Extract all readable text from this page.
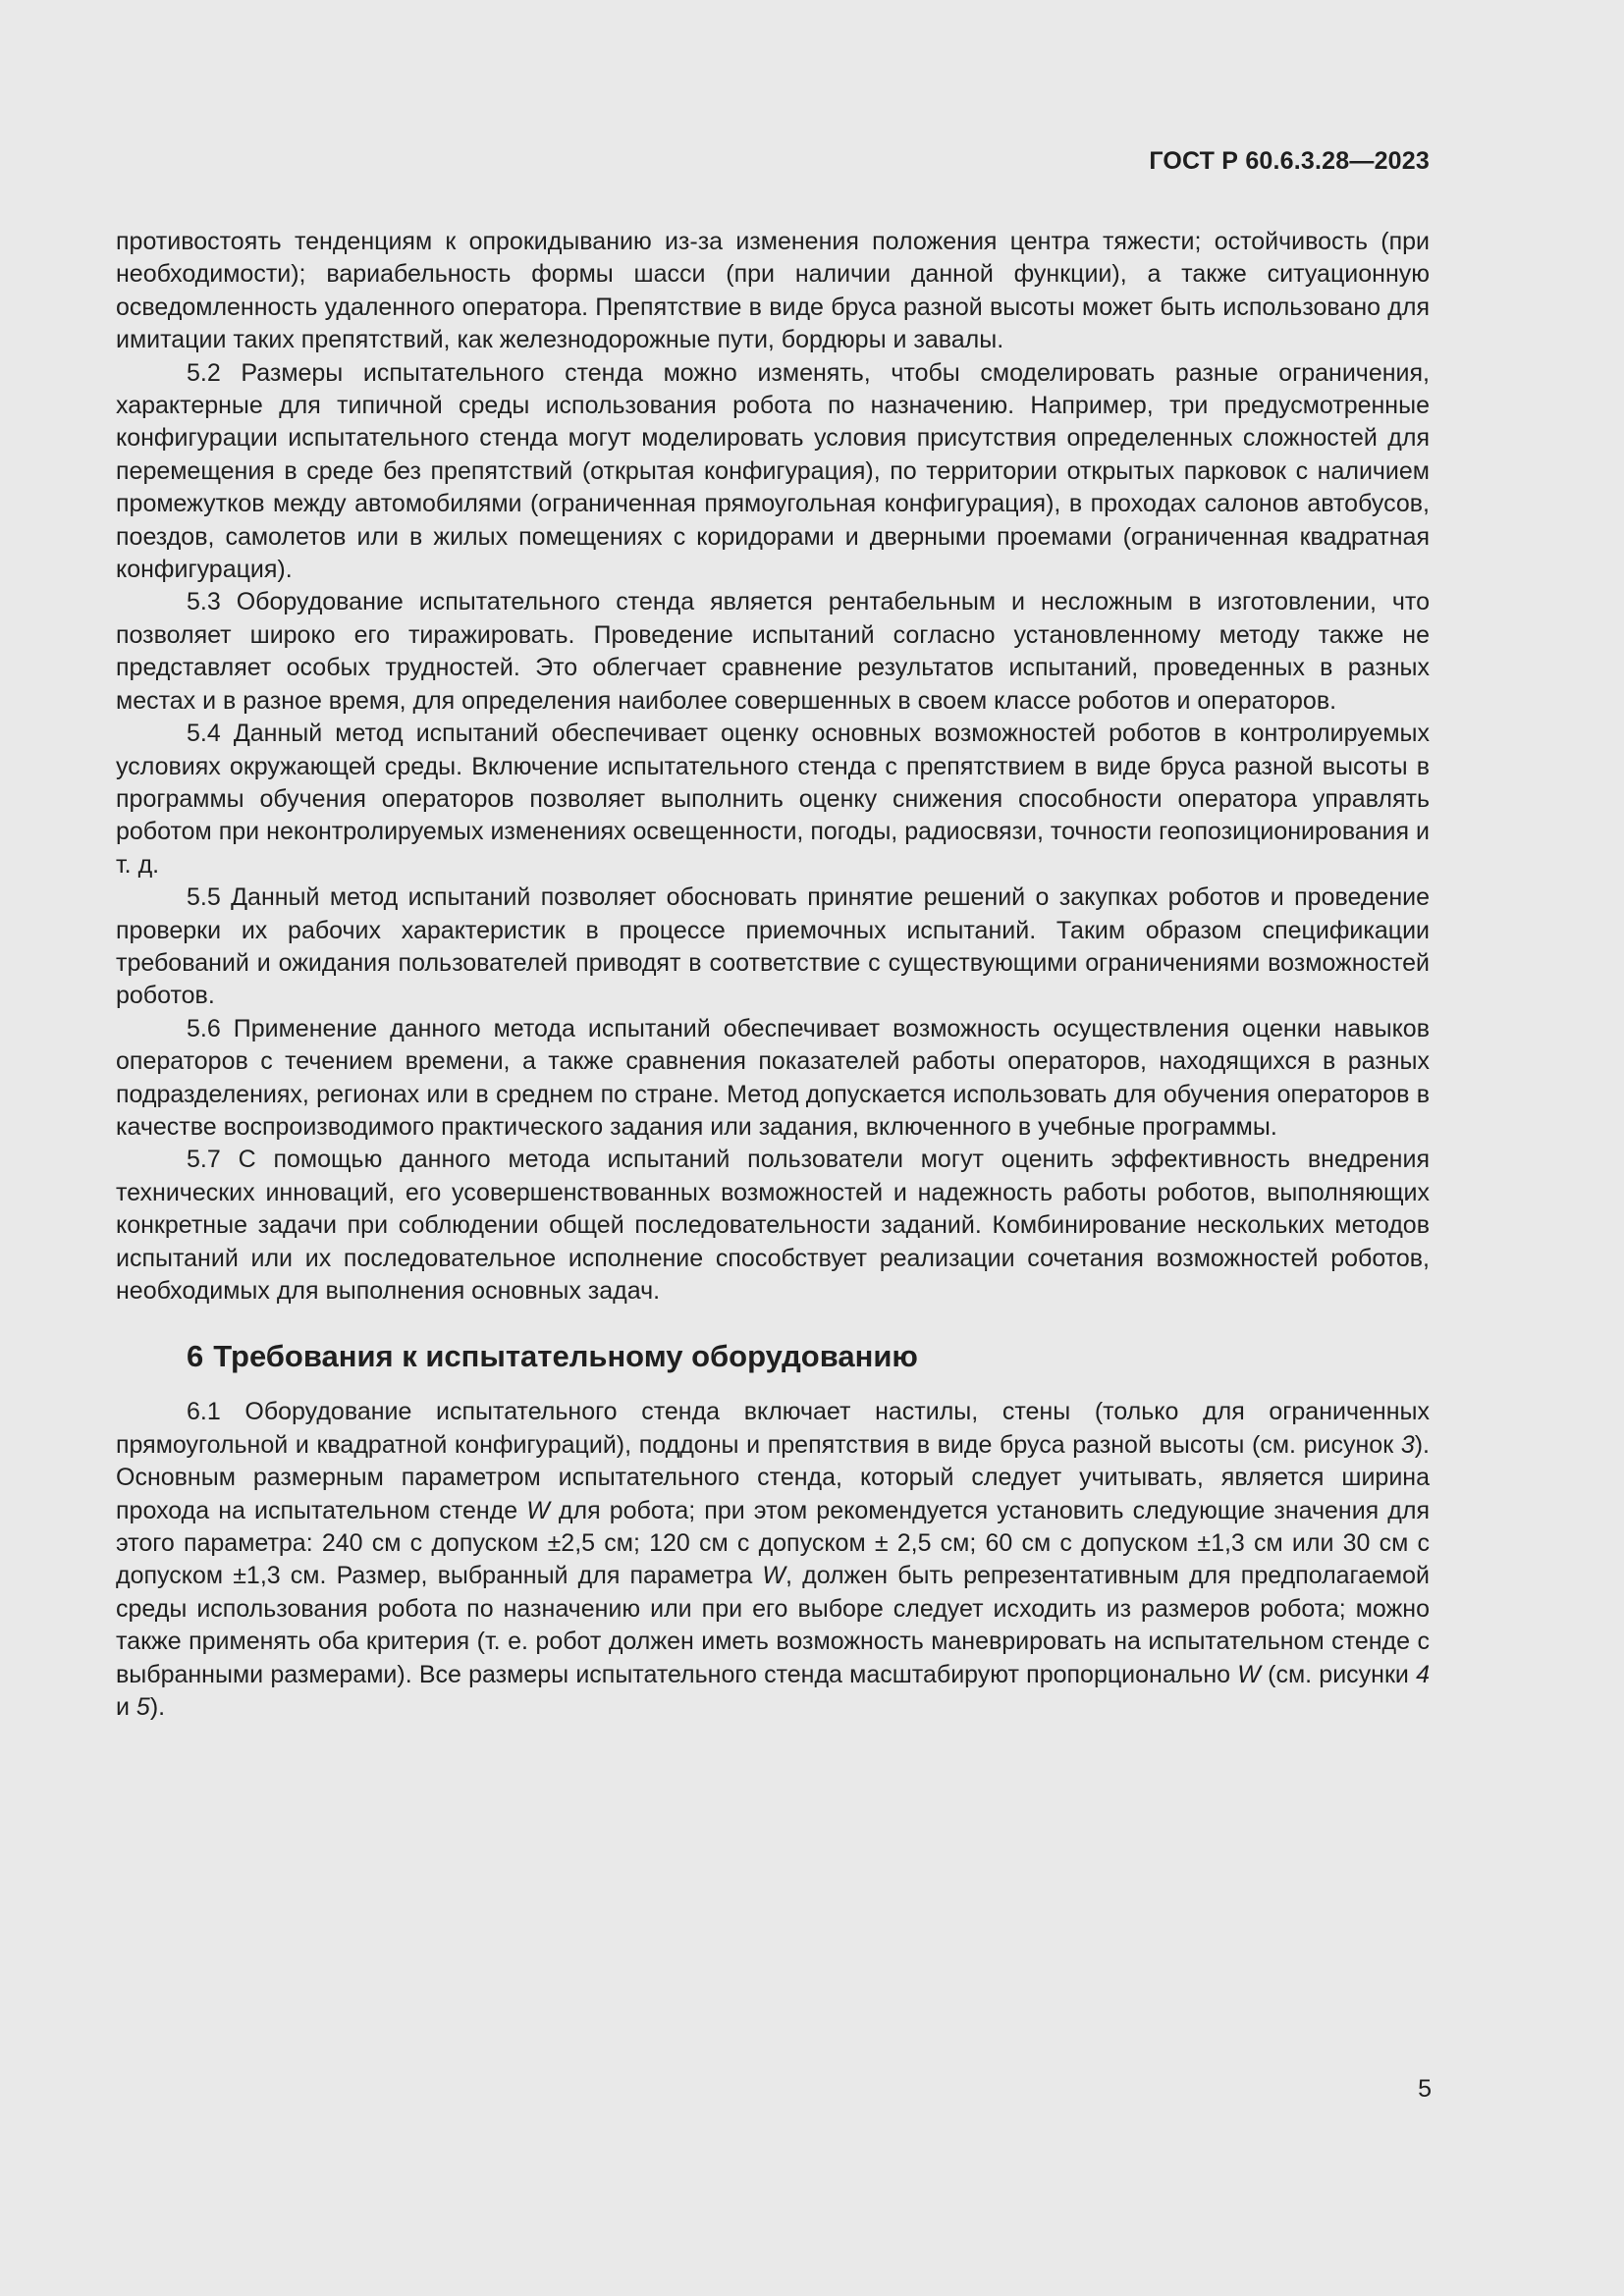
ГОСТ Р 60.6.3.28—2023

противостоять тенденциям к опрокидыванию из-за изменения положения центра тяжести; остойчивость (при необходимости); вариабельность формы шасси (при наличии данной функции), а также ситуационную осведомленность удаленного оператора. Препятствие в виде бруса разной высоты может быть использовано для имитации таких препятствий, как железнодорожные пути, бордюры и завалы.

5.2 Размеры испытательного стенда можно изменять, чтобы смоделировать разные ограничения, характерные для типичной среды использования робота по назначению. Например, три предусмотренные конфигурации испытательного стенда могут моделировать условия присутствия определенных сложностей для перемещения в среде без препятствий (открытая конфигурация), по территории открытых парковок с наличием промежутков между автомобилями (ограниченная прямоугольная конфигурация), в проходах салонов автобусов, поездов, самолетов или в жилых помещениях с коридорами и дверными проемами (ограниченная квадратная конфигурация).

5.3 Оборудование испытательного стенда является рентабельным и несложным в изготовлении, что позволяет широко его тиражировать. Проведение испытаний согласно установленному методу также не представляет особых трудностей. Это облегчает сравнение результатов испытаний, проведенных в разных местах и в разное время, для определения наиболее совершенных в своем классе роботов и операторов.

5.4 Данный метод испытаний обеспечивает оценку основных возможностей роботов в контролируемых условиях окружающей среды. Включение испытательного стенда с препятствием в виде бруса разной высоты в программы обучения операторов позволяет выполнить оценку снижения способности оператора управлять роботом при неконтролируемых изменениях освещенности, погоды, радиосвязи, точности геопозиционирования и т. д.

5.5 Данный метод испытаний позволяет обосновать принятие решений о закупках роботов и проведение проверки их рабочих характеристик в процессе приемочных испытаний. Таким образом спецификации требований и ожидания пользователей приводят в соответствие с существующими ограничениями возможностей роботов.

5.6 Применение данного метода испытаний обеспечивает возможность осуществления оценки навыков операторов с течением времени, а также сравнения показателей работы операторов, находящихся в разных подразделениях, регионах или в среднем по стране. Метод допускается использовать для обучения операторов в качестве воспроизводимого практического задания или задания, включенного в учебные программы.

5.7 С помощью данного метода испытаний пользователи могут оценить эффективность внедрения технических инноваций, его усовершенствованных возможностей и надежность работы роботов, выполняющих конкретные задачи при соблюдении общей последовательности заданий. Комбинирование нескольких методов испытаний или их последовательное исполнение способствует реализации сочетания возможностей роботов, необходимых для выполнения основных задач.

6 Требования к испытательному оборудованию

6.1 Оборудование испытательного стенда включает настилы, стены (только для ограниченных прямоугольной и квадратной конфигураций), поддоны и препятствия в виде бруса разной высоты (см. рисунок 3). Основным размерным параметром испытательного стенда, который следует учитывать, является ширина прохода на испытательном стенде W для робота; при этом рекомендуется установить следующие значения для этого параметра: 240 см с допуском ±2,5 см; 120 см с допуском ± 2,5 см; 60 см с допуском ±1,3 см или 30 см с допуском ±1,3 см. Размер, выбранный для параметра W, должен быть репрезентативным для предполагаемой среды использования робота по назначению или при его выборе следует исходить из размеров робота; можно также применять оба критерия (т. е. робот должен иметь возможность маневрировать на испытательном стенде с выбранными размерами). Все размеры испытательного стенда масштабируют пропорционально W (см. рисунки 4 и 5).

5
